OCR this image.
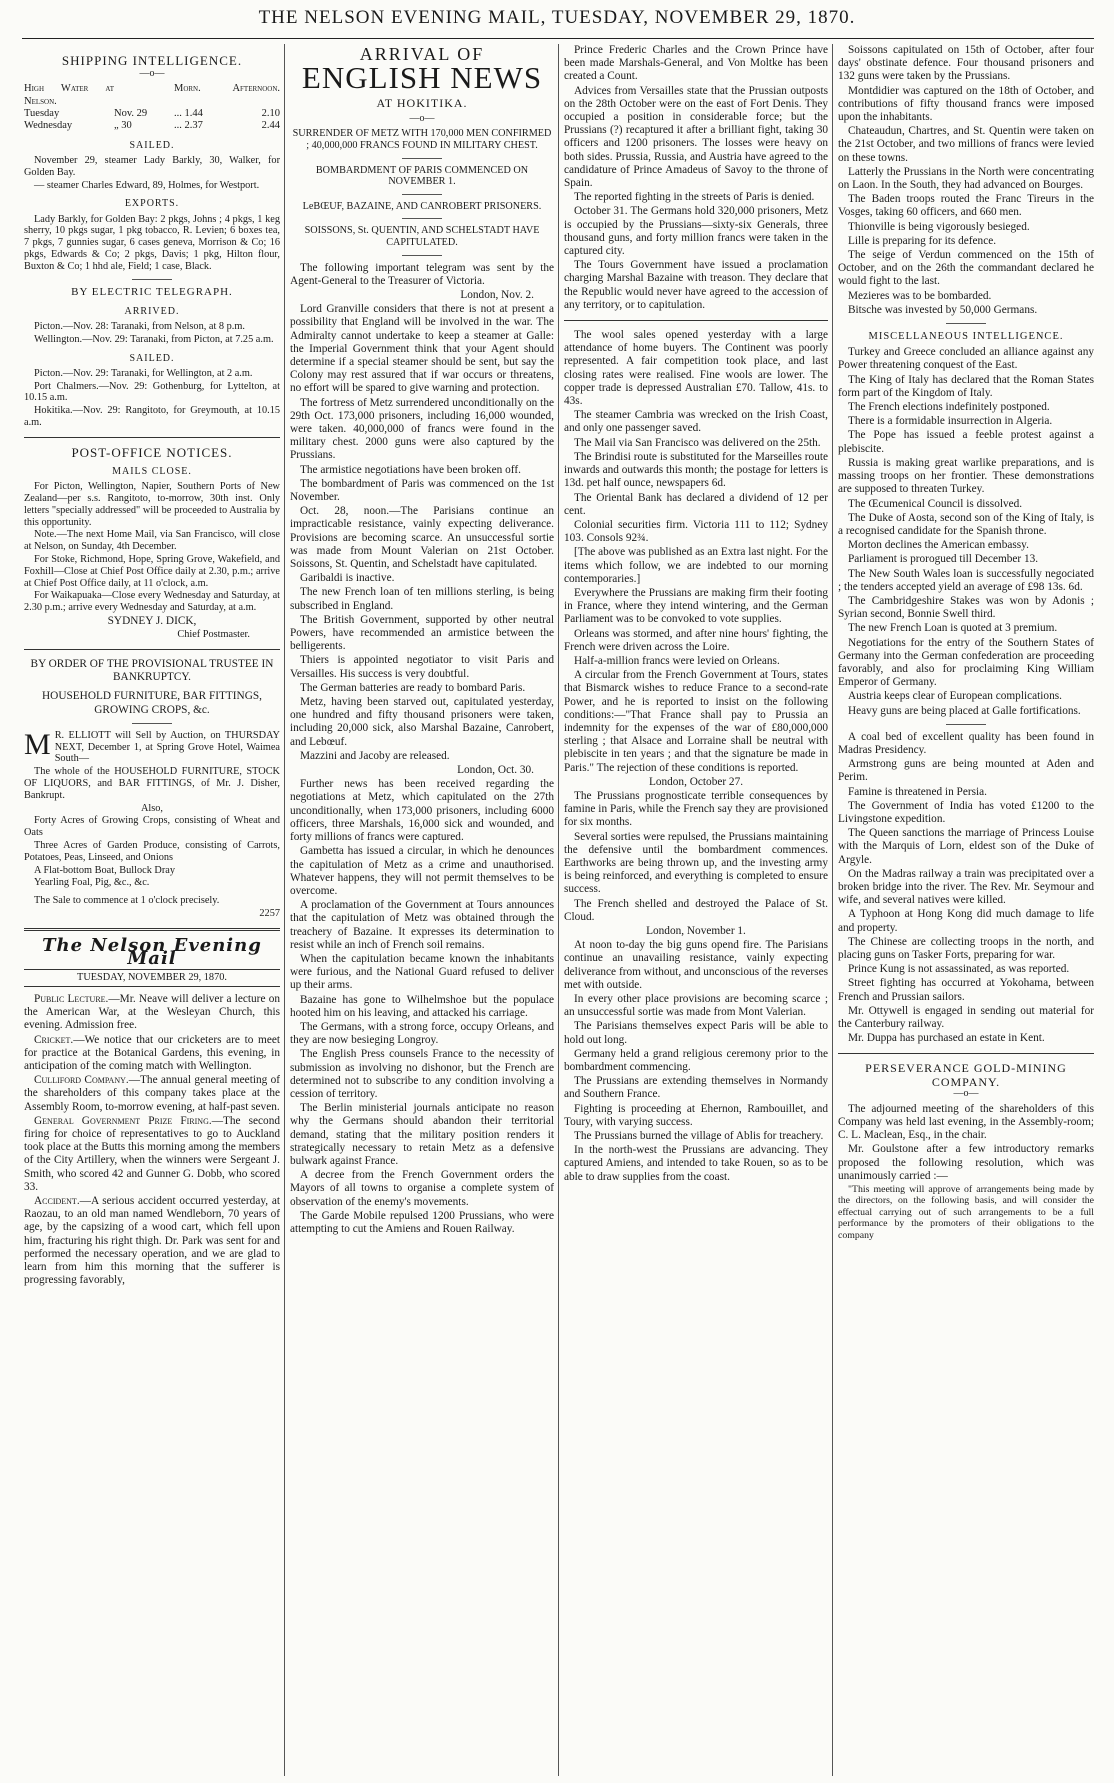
THE NELSON EVENING MAIL, TUESDAY, NOVEMBER 29, 1870.
SHIPPING INTELLIGENCE.
—o—
High Water at Nelson.
Morn.	Afternoon.
Tuesday	Nov. 29	... 1.44	2.10
Wednesday	„ 30	... 2.37	2.44
SAILED.

November 29, steamer Lady Barkly, 30, Walker, for Golden Bay.

— steamer Charles Edward, 89, Holmes, for Westport.

EXPORTS.

Lady Barkly, for Golden Bay: 2 pkgs, Johns ; 4 pkgs, 1 keg sherry, 10 pkgs sugar, 1 pkg tobacco, R. Levien; 6 boxes tea, 7 pkgs, 7 gunnies sugar, 6 cases geneva, Morrison & Co; 16 pkgs, Edwards & Co; 2 pkgs, Davis; 1 pkg, Hilton flour, Buxton & Co; 1 hhd ale, Field; 1 case, Black.

BY ELECTRIC TELEGRAPH.
ARRIVED.

Picton.—Nov. 28: Taranaki, from Nelson, at 8 p.m.

Wellington.—Nov. 29: Taranaki, from Picton, at 7.25 a.m.

SAILED.

Picton.—Nov. 29: Taranaki, for Wellington, at 2 a.m.

Port Chalmers.—Nov. 29: Gothenburg, for Lyttelton, at 10.15 a.m.

Hokitika.—Nov. 29: Rangitoto, for Greymouth, at 10.15 a.m.

POST-OFFICE NOTICES.
MAILS CLOSE.

For Picton, Wellington, Napier, Southern Ports of New Zealand—per s.s. Rangitoto, to-morrow, 30th inst. Only letters "specially addressed" will be proceeded to Australia by this opportunity.

Note.—The next Home Mail, via San Francisco, will close at Nelson, on Sunday, 4th December.

For Stoke, Richmond, Hope, Spring Grove, Wakefield, and Foxhill—Close at Chief Post Office daily at 2.30, p.m.; arrive at Chief Post Office daily, at 11 o'clock, a.m.

For Waikapuaka—Close every Wednesday and Saturday, at 2.30 p.m.; arrive every Wednesday and Saturday, at a.m.

SYDNEY J. DICK,

Chief Postmaster.

BY ORDER OF THE PROVISIONAL TRUSTEE IN BANKRUPTCY.

HOUSEHOLD FURNITURE, BAR FITTINGS, GROWING CROPS, &c.

M R. ELLIOTT will Sell by Auction, on THURSDAY NEXT, December 1, at Spring Grove Hotel, Waimea South—

The whole of the HOUSEHOLD FURNITURE, STOCK OF LIQUORS, and BAR FITTINGS, of Mr. J. Disher, Bankrupt.

Also,

Forty Acres of Growing Crops, consisting of Wheat and Oats

Three Acres of Garden Produce, consisting of Carrots, Potatoes, Peas, Linseed, and Onions

A Flat-bottom Boat, Bullock Dray

Yearling Foal, Pig, &c., &c.

The Sale to commence at 1 o'clock precisely.

2257

The Nelson Evening Mail

TUESDAY, NOVEMBER 29, 1870.

Public Lecture.—Mr. Neave will deliver a lecture on the American War, at the Wesleyan Church, this evening. Admission free.

Cricket.—We notice that our cricketers are to meet for practice at the Botanical Gardens, this evening, in anticipation of the coming match with Wellington.

Culliford Company.—The annual general meeting of the shareholders of this company takes place at the Assembly Room, to-morrow evening, at half-past seven.

General Government Prize Firing.—The second firing for choice of representatives to go to Auckland took place at the Butts this morning among the members of the City Artillery, when the winners were Sergeant J. Smith, who scored 42 and Gunner G. Dobb, who scored 33.

Accident.—A serious accident occurred yesterday, at Raozau, to an old man named Wendleborn, 70 years of age, by the capsizing of a wood cart, which fell upon him, fracturing his right thigh. Dr. Park was sent for and performed the necessary operation, and we are glad to learn from him this morning that the sufferer is progressing favorably,

ARRIVAL OF
ENGLISH NEWS
AT HOKITIKA.
—o—

SURRENDER OF METZ WITH 170,000 MEN CONFIRMED ; 40,000,000 FRANCS FOUND IN MILITARY CHEST.

BOMBARDMENT OF PARIS COMMENCED ON NOVEMBER 1.

LeBŒUF, BAZAINE, AND CANROBERT PRISONERS.

SOISSONS, St. QUENTIN, AND SCHELSTADT HAVE CAPITULATED.

The following important telegram was sent by the Agent-General to the Treasurer of Victoria.

London, Nov. 2.

Lord Granville considers that there is not at present a possibility that England will be involved in the war. The Admiralty cannot undertake to keep a steamer at Galle: the Imperial Government think that your Agent should determine if a special steamer should be sent, but say the Colony may rest assured that if war occurs or threatens, no effort will be spared to give warning and protection.

The fortress of Metz surrendered unconditionally on the 29th Oct. 173,000 prisoners, including 16,000 wounded, were taken. 40,000,000 of francs were found in the military chest. 2000 guns were also captured by the Prussians.

The armistice negotiations have been broken off.

The bombardment of Paris was commenced on the 1st November.

Oct. 28, noon.—The Parisians continue an impracticable resistance, vainly expecting deliverance. Provisions are becoming scarce. An unsuccessful sortie was made from Mount Valerian on 21st October. Soissons, St. Quentin, and Schelstadt have capitulated.

Garibaldi is inactive.

The new French loan of ten millions sterling, is being subscribed in England.

The British Government, supported by other neutral Powers, have recommended an armistice between the belligerents.

Thiers is appointed negotiator to visit Paris and Versailles. His success is very doubtful.

The German batteries are ready to bombard Paris.

Metz, having been starved out, capitulated yesterday, one hundred and fifty thousand prisoners were taken, including 20,000 sick, also Marshal Bazaine, Canrobert, and Lebœuf.

Mazzini and Jacoby are released.

London, Oct. 30.

Further news has been received regarding the negotiations at Metz, which capitulated on the 27th unconditionally, when 173,000 prisoners, including 6000 officers, three Marshals, 16,000 sick and wounded, and forty millions of francs were captured.

Gambetta has issued a circular, in which he denounces the capitulation of Metz as a crime and unauthorised. Whatever happens, they will not permit themselves to be overcome.

A proclamation of the Government at Tours announces that the capitulation of Metz was obtained through the treachery of Bazaine. It expresses its determination to resist while an inch of French soil remains.

When the capitulation became known the inhabitants were furious, and the National Guard refused to deliver up their arms.

Bazaine has gone to Wilhelmshoe but the populace hooted him on his leaving, and attacked his carriage.

The Germans, with a strong force, occupy Orleans, and they are now besieging Longroy.

The English Press counsels France to the necessity of submission as involving no dishonor, but the French are determined not to subscribe to any condition involving a cession of territory.

The Berlin ministerial journals anticipate no reason why the Germans should abandon their territorial demand, stating that the military position renders it strategically necessary to retain Metz as a defensive bulwark against France.

A decree from the French Government orders the Mayors of all towns to organise a complete system of observation of the enemy's movements.

The Garde Mobile repulsed 1200 Prussians, who were attempting to cut the Amiens and Rouen Railway.

Prince Frederic Charles and the Crown Prince have been made Marshals-General, and Von Moltke has been created a Count.

Advices from Versailles state that the Prussian outposts on the 28th October were on the east of Fort Denis. They occupied a position in considerable force; but the Prussians (?) recaptured it after a brilliant fight, taking 30 officers and 1200 prisoners. The losses were heavy on both sides. Prussia, Russia, and Austria have agreed to the candidature of Prince Amadeus of Savoy to the throne of Spain.

The reported fighting in the streets of Paris is denied.

October 31. The Germans hold 320,000 prisoners, Metz is occupied by the Prussians—sixty-six Generals, three thousand guns, and forty million francs were taken in the captured city.

The Tours Government have issued a proclamation charging Marshal Bazaine with treason. They declare that the Republic would never have agreed to the accession of any territory, or to capitulation.

The wool sales opened yesterday with a large attendance of home buyers. The Continent was poorly represented. A fair competition took place, and last closing rates were realised. Fine wools are lower. The copper trade is depressed Australian £70. Tallow, 41s. to 43s.

The steamer Cambria was wrecked on the Irish Coast, and only one passenger saved.

The Mail via San Francisco was delivered on the 25th.

The Brindisi route is substituted for the Marseilles route inwards and outwards this month; the postage for letters is 13d. pet half ounce, newspapers 6d.

The Oriental Bank has declared a dividend of 12 per cent.

Colonial securities firm. Victoria 111 to 112; Sydney 103. Consols 92¾.

[The above was published as an Extra last night. For the items which follow, we are indebted to our morning contemporaries.]

Everywhere the Prussians are making firm their footing in France, where they intend wintering, and the German Parliament was to be convoked to vote supplies.

Orleans was stormed, and after nine hours' fighting, the French were driven across the Loire.

Half-a-million francs were levied on Orleans.

A circular from the French Government at Tours, states that Bismarck wishes to reduce France to a second-rate Power, and he is reported to insist on the following conditions:—"That France shall pay to Prussia an indemnity for the expenses of the war of £80,000,000 sterling ; that Alsace and Lorraine shall be neutral with plebiscite in ten years ; and that the signature be made in Paris." The rejection of these conditions is reported.

London, October 27.

The Prussians prognosticate terrible consequences by famine in Paris, while the French say they are provisioned for six months.

Several sorties were repulsed, the Prussians maintaining the defensive until the bombardment commences. Earthworks are being thrown up, and the investing army is being reinforced, and everything is completed to ensure success.

The French shelled and destroyed the Palace of St. Cloud.

London, November 1.

At noon to-day the big guns opend fire. The Parisians continue an unavailing resistance, vainly expecting deliverance from without, and unconscious of the reverses met with outside.

In every other place provisions are becoming scarce ; an unsuccessful sortie was made from Mont Valerian.

The Parisians themselves expect Paris will be able to hold out long.

Germany held a grand religious ceremony prior to the bombardment commencing.

The Prussians are extending themselves in Normandy and Southern France.

Fighting is proceeding at Ehernon, Rambouillet, and Toury, with varying success.

The Prussians burned the village of Ablis for treachery.

In the north-west the Prussians are advancing. They captured Amiens, and intended to take Rouen, so as to be able to draw supplies from the coast.

Soissons capitulated on 15th of October, after four days' obstinate defence. Four thousand prisoners and 132 guns were taken by the Prussians.

Montdidier was captured on the 18th of October, and contributions of fifty thousand francs were imposed upon the inhabitants.

Chateaudun, Chartres, and St. Quentin were taken on the 21st October, and two millions of francs were levied on these towns.

Latterly the Prussians in the North were concentrating on Laon. In the South, they had advanced on Bourges.

The Baden troops routed the Franc Tireurs in the Vosges, taking 60 officers, and 660 men.

Thionville is being vigorously besieged.

Lille is preparing for its defence.

The seige of Verdun commenced on the 15th of October, and on the 26th the commandant declared he would fight to the last.

Mezieres was to be bombarded.

Bitsche was invested by 50,000 Germans.

MISCELLANEOUS INTELLIGENCE.

Turkey and Greece concluded an alliance against any Power threatening conquest of the East.

The King of Italy has declared that the Roman States form part of the Kingdom of Italy.

The French elections indefinitely postponed.

There is a formidable insurrection in Algeria.

The Pope has issued a feeble protest against a plebiscite.

Russia is making great warlike preparations, and is massing troops on her frontier. These demonstrations are supposed to threaten Turkey.

The Œcumenical Council is dissolved.

The Duke of Aosta, second son of the King of Italy, is a recognised candidate for the Spanish throne.

Morton declines the American embassy.

Parliament is prorogued till December 13.

The New South Wales loan is successfully negociated ; the tenders accepted yield an average of £98 13s. 6d.

The Cambridgeshire Stakes was won by Adonis ; Syrian second, Bonnie Swell third.

The new French Loan is quoted at 3 premium.

Negotiations for the entry of the Southern States of Germany into the German confederation are proceeding favorably, and also for proclaiming King William Emperor of Germany.

Austria keeps clear of European complications.

Heavy guns are being placed at Galle fortifications.

A coal bed of excellent quality has been found in Madras Presidency.

Armstrong guns are being mounted at Aden and Perim.

Famine is threatened in Persia.

The Government of India has voted £1200 to the Livingstone expedition.

The Queen sanctions the marriage of Princess Louise with the Marquis of Lorn, eldest son of the Duke of Argyle.

On the Madras railway a train was precipitated over a broken bridge into the river. The Rev. Mr. Seymour and wife, and several natives were killed.

A Typhoon at Hong Kong did much damage to life and property.

The Chinese are collecting troops in the north, and placing guns on Tasker Forts, preparing for war.

Prince Kung is not assassinated, as was reported.

Street fighting has occurred at Yokohama, between French and Prussian sailors.

Mr. Ottywell is engaged in sending out material for the Canterbury railway.

Mr. Duppa has purchased an estate in Kent.

PERSEVERANCE GOLD-MINING COMPANY.
—o—

The adjourned meeting of the shareholders of this Company was held last evening, in the Assembly-room; C. L. Maclean, Esq., in the chair.

Mr. Goulstone after a few introductory remarks proposed the following resolution, which was unanimously carried :—

"This meeting will approve of arrangements being made by the directors, on the following basis, and will consider the effectual carrying out of such arrangements to be a full performance by the promoters of their obligations to the company
